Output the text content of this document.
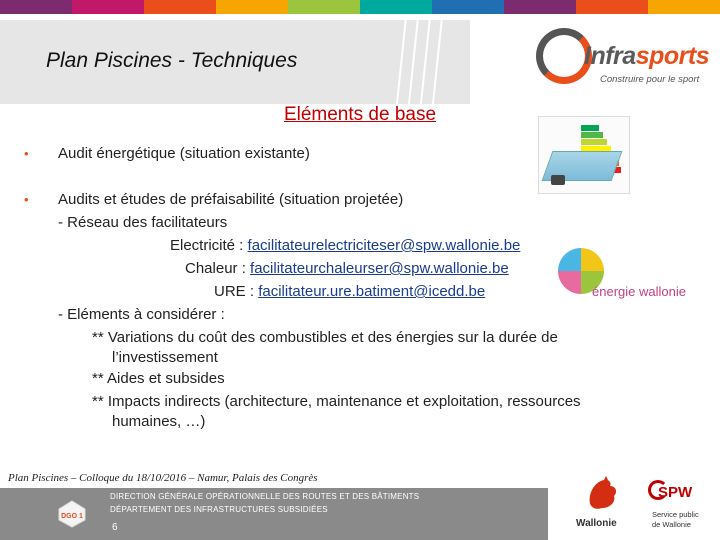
Plan Piscines - Techniques	Infrasports
Construire pour le sport
Eléments de base
• Audit énergétique (situation existante)
• Audits et études de préfaisabilité (situation projetée)
- Réseau des facilitateurs
Electricité : facilitateurelectriciteser@spw.wallonie.be
Chaleur : facilitateurchaleurser@spw.wallonie.be
URE : facilitateur.ure.batiment@icedd.be
- Eléments à considérer :
** Variations du coût des combustibles et des énergies sur la durée de
l’investissement
** Aides et subsides
** Impacts indirects (architecture, maintenance et exploitation, ressources
humaines, …)
énergie wallonie
Plan Piscines – Colloque du 18/10/2016 – Namur, Palais des Congrès
DGO 1
DIRECTION GÉNÉRALE OPÉRATIONNELLE DES ROUTES ET DES BÂTIMENTS
DÉPARTEMENT DES INFRASTRUCTURES SUBSIDIÉES
6	Wallonie
SPW
Service public
de Wallonie
